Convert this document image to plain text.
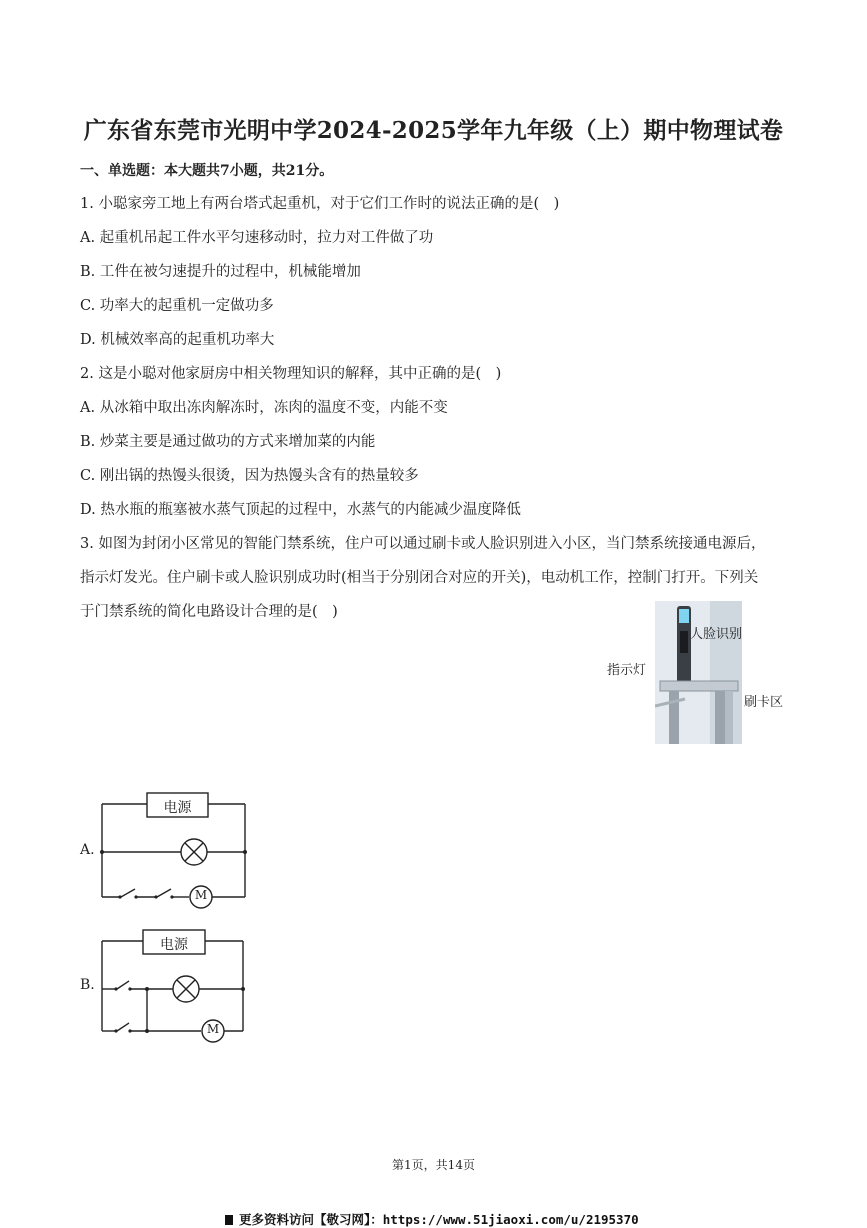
广东省东莞市光明中学2024-2025学年九年级（上）期中物理试卷
一、单选题：本大题共7小题，共21分。
1. 小聪家旁工地上有两台塔式起重机，对于它们工作时的说法正确的是(　)
A. 起重机吊起工件水平匀速移动时，拉力对工件做了功
B. 工件在被匀速提升的过程中，机械能增加
C. 功率大的起重机一定做功多
D. 机械效率高的起重机功率大
2. 这是小聪对他家厨房中相关物理知识的解释，其中正确的是(　)
A. 从冰箱中取出冻肉解冻时，冻肉的温度不变，内能不变
B. 炒菜主要是通过做功的方式来增加菜的内能
C. 刚出锅的热馒头很烫，因为热馒头含有的热量较多
D. 热水瓶的瓶塞被水蒸气顶起的过程中，水蒸气的内能减少温度降低
3. 如图为封闭小区常见的智能门禁系统，住户可以通过刷卡或人脸识别进入小区，当门禁系统接通电源后，
指示灯发光。住户刷卡或人脸识别成功时(相当于分别闭合对应的开关)，电动机工作，控制门打开。下列关
于门禁系统的简化电路设计合理的是(　)
人脸识别
指示灯
刷卡区
A.
电源
M
B.
电源
M
第1页，共14页
更多资料访问【敬习网】：https://www.51jiaoxi.com/u/2195370
